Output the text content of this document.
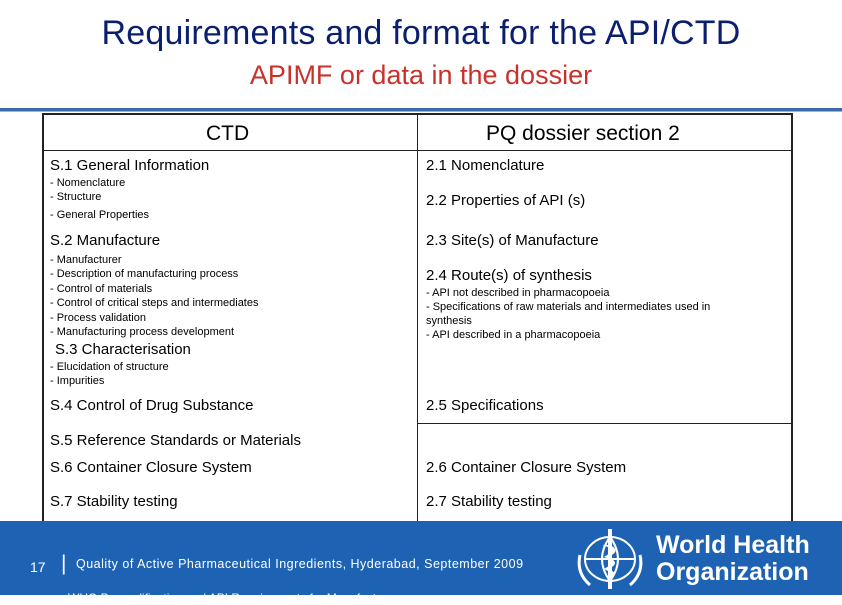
Requirements and format for the API/CTD
APIMF or data in the dossier
CTD	PQ dossier section 2
S.1 General Information
- Nomenclature
- Structure
- General Properties
S.2 Manufacture
- Manufacturer
- Description of manufacturing process
- Control of materials
- Control of critical steps and intermediates
- Process validation
- Manufacturing process development
S.3 Characterisation
- Elucidation of structure
- Impurities
S.4 Control of Drug Substance
S.5 Reference Standards or Materials
S.6 Container Closure System
S.7 Stability testing
2.1 Nomenclature
2.2 Properties of API (s)
2.3 Site(s) of Manufacture
2.4 Route(s) of synthesis
- API not described in pharmacopoeia
- Specifications of raw materials and intermediates used in
synthesis
- API described in a pharmacopoeia
2.5 Specifications
2.6 Container Closure System
2.7 Stability testing
17 | Quality of Active Pharmaceutical Ingredients, Hyderabad, September 2009
WHO Prequalification and API Requirements for Manufacturers
World Health
Organization
